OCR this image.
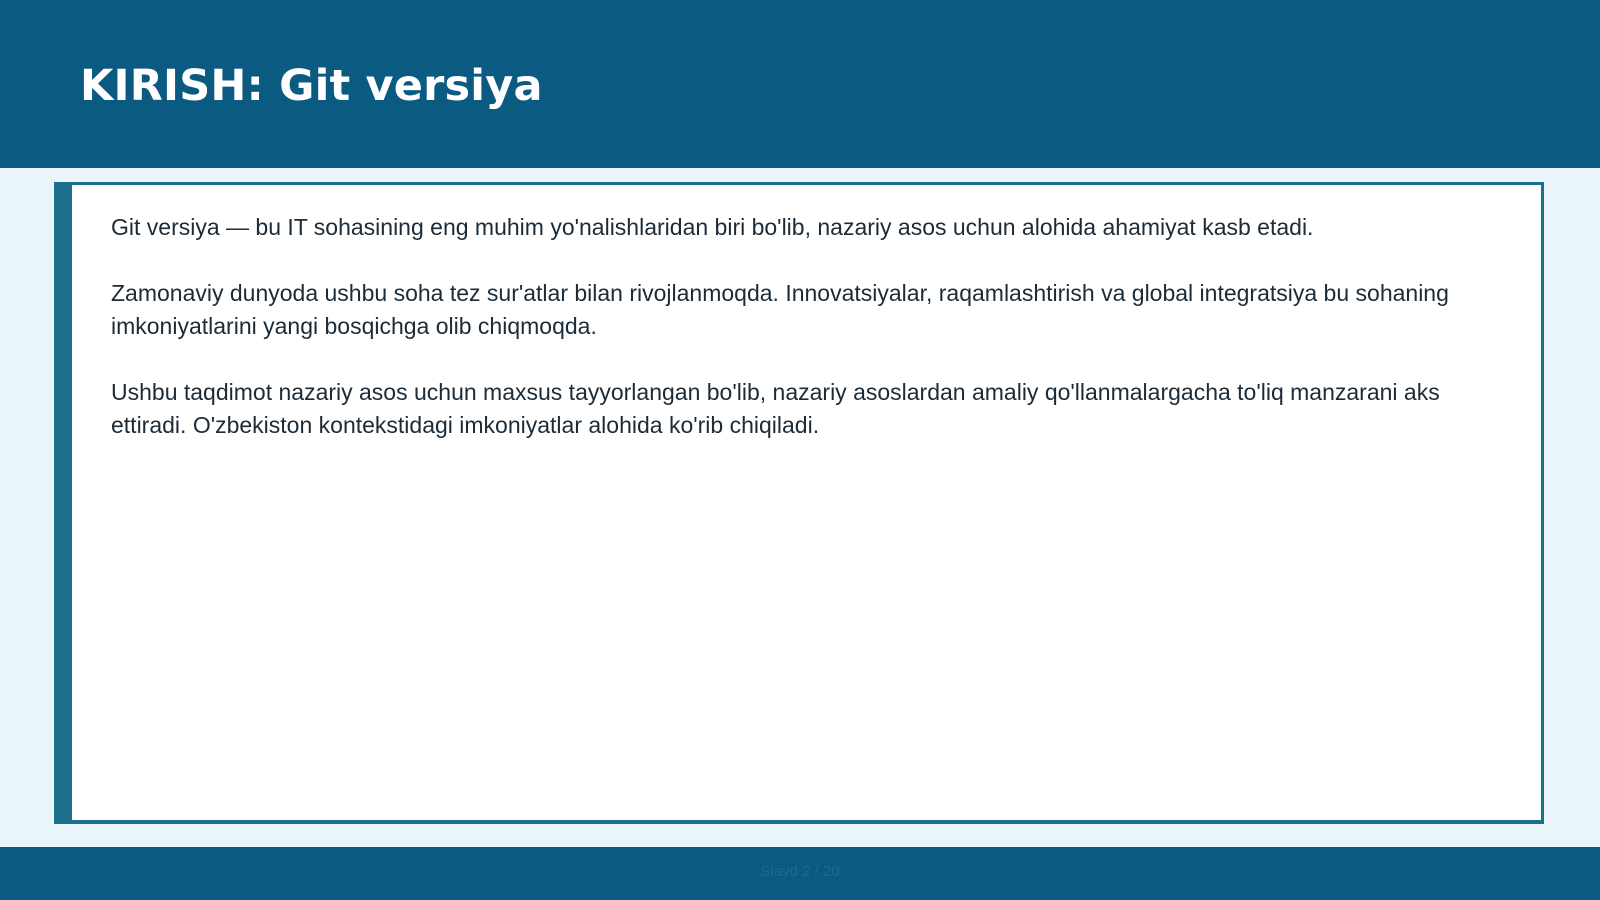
KIRISH: Git versiya

Git versiya — bu IT sohasining eng muhim yo'nalishlaridan biri bo'lib, nazariy asos uchun alohida ahamiyat kasb etadi.

Zamonaviy dunyoda ushbu soha tez sur'atlar bilan rivojlanmoqda. Innovatsiyalar, raqamlashtirish va global integratsiya bu sohaning imkoniyatlarini yangi bosqichga olib chiqmoqda.

Ushbu taqdimot nazariy asos uchun maxsus tayyorlangan bo'lib, nazariy asoslardan amaliy qo'llanmalargacha to'liq manzarani aks ettiradi. O'zbekiston kontekstidagi imkoniyatlar alohida ko'rib chiqiladi.

Slayd 2 / 20
